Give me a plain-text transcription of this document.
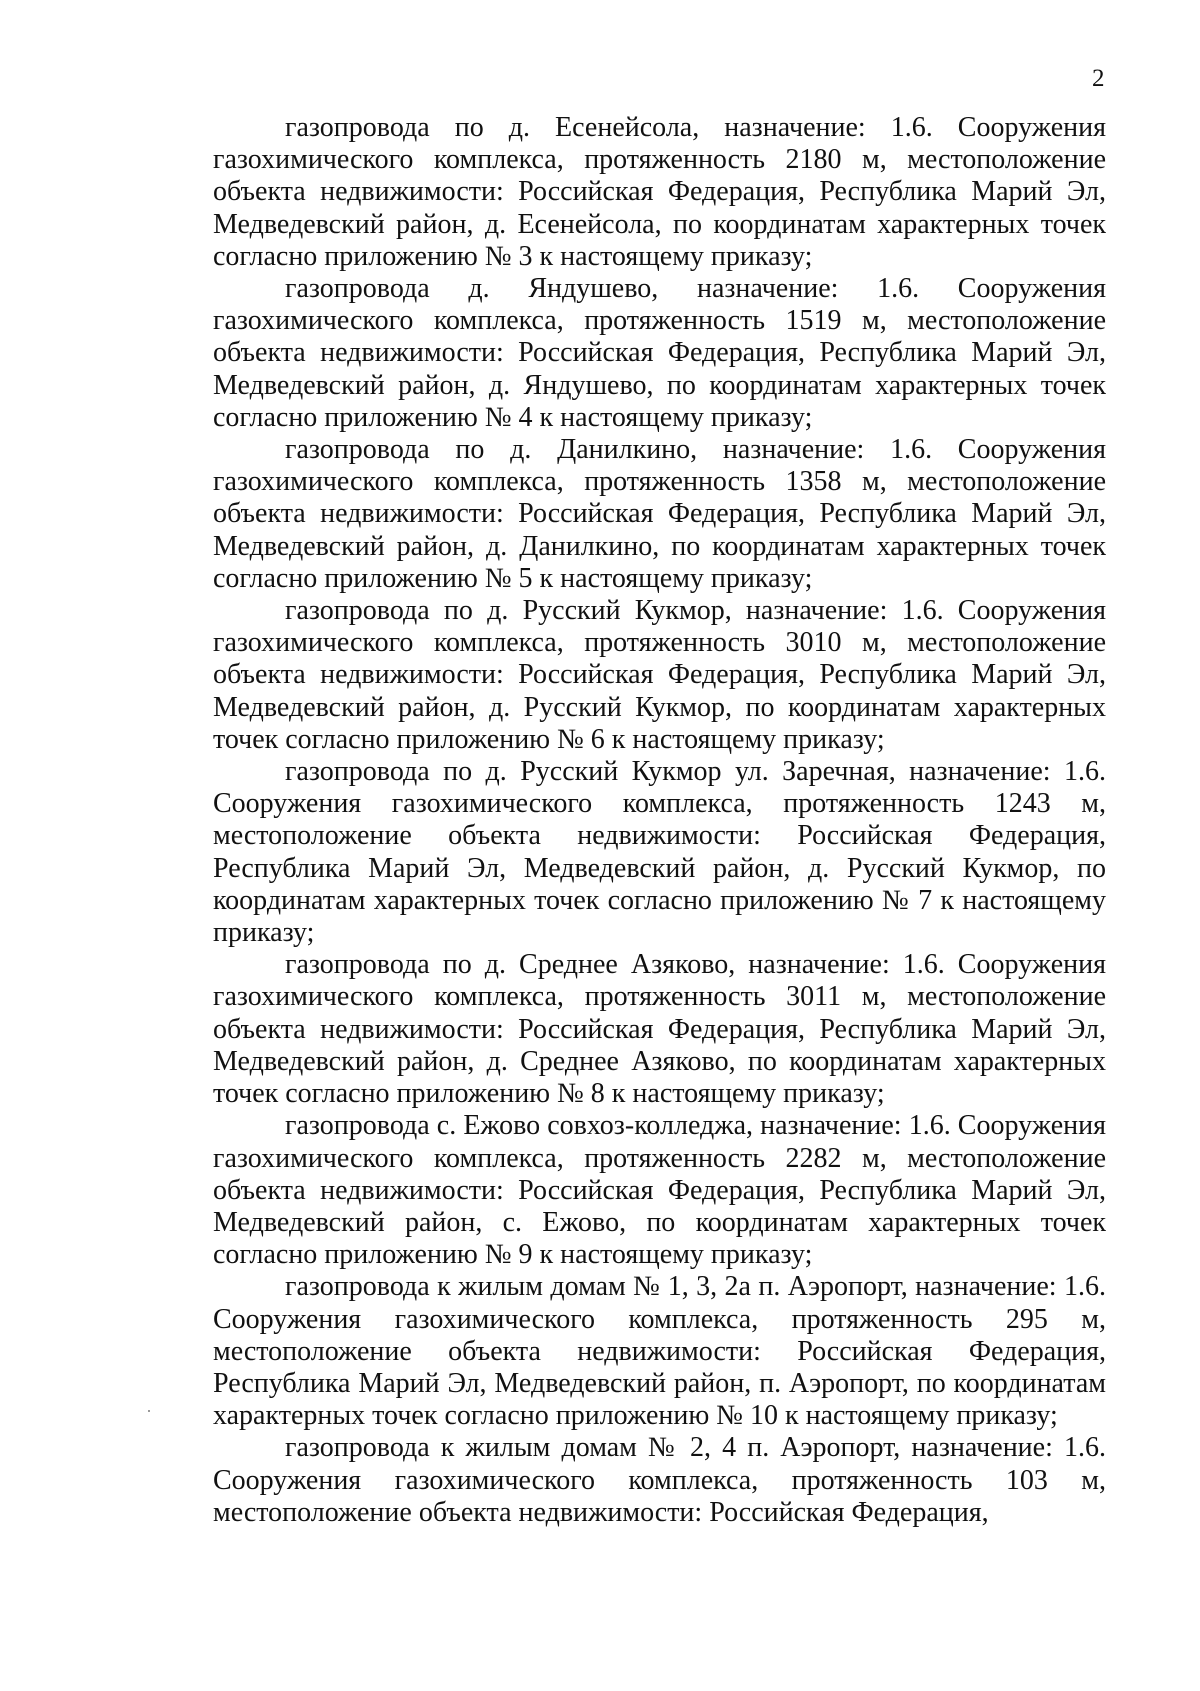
2

газопровода по д. Есенейсола, назначение: 1.6. Сооружения газохимического комплекса, протяженность 2180 м, местоположение объекта недвижимости: Российская Федерация, Республика Марий Эл, Медведевский район, д. Есенейсола, по координатам характерных точек согласно приложению № 3 к настоящему приказу;

газопровода д. Яндушево, назначение: 1.6. Сооружения газохимического комплекса, протяженность 1519 м, местоположение объекта недвижимости: Российская Федерация, Республика Марий Эл, Медведевский район, д. Яндушево, по координатам характерных точек согласно приложению № 4 к настоящему приказу;

газопровода по д. Данилкино, назначение: 1.6. Сооружения газохимического комплекса, протяженность 1358 м, местоположение объекта недвижимости: Российская Федерация, Республика Марий Эл, Медведевский район, д. Данилкино, по координатам характерных точек согласно приложению № 5 к настоящему приказу;

газопровода по д. Русский Кукмор, назначение: 1.6. Сооружения газохимического комплекса, протяженность 3010 м, местоположение объекта недвижимости: Российская Федерация, Республика Марий Эл, Медведевский район, д. Русский Кукмор, по координатам характерных точек согласно приложению № 6 к настоящему приказу;

газопровода по д. Русский Кукмор ул. Заречная, назначение: 1.6. Сооружения газохимического комплекса, протяженность 1243 м, местоположение объекта недвижимости: Российская Федерация, Республика Марий Эл, Медведевский район, д. Русский Кукмор, по координатам характерных точек согласно приложению № 7 к настоящему приказу;

газопровода по д. Среднее Азяково, назначение: 1.6. Сооружения газохимического комплекса, протяженность 3011 м, местоположение объекта недвижимости: Российская Федерация, Республика Марий Эл, Медведевский район, д. Среднее Азяково, по координатам характерных точек согласно приложению № 8 к настоящему приказу;

газопровода с. Ежово совхоз-колледжа, назначение: 1.6. Сооружения газохимического комплекса, протяженность 2282 м, местоположение объекта недвижимости: Российская Федерация, Республика Марий Эл, Медведевский район, с. Ежово, по координатам характерных точек согласно приложению № 9 к настоящему приказу;

газопровода к жилым домам № 1, 3, 2а п. Аэропорт, назначение: 1.6. Сооружения газохимического комплекса, протяженность 295 м, местоположение объекта недвижимости: Российская Федерация, Республика Марий Эл, Медведевский район, п. Аэропорт, по координатам характерных точек согласно приложению № 10 к настоящему приказу;

газопровода к жилым домам № 2, 4 п. Аэропорт, назначение: 1.6. Сооружения газохимического комплекса, протяженность 103 м, местоположение объекта недвижимости: Российская Федерация,
